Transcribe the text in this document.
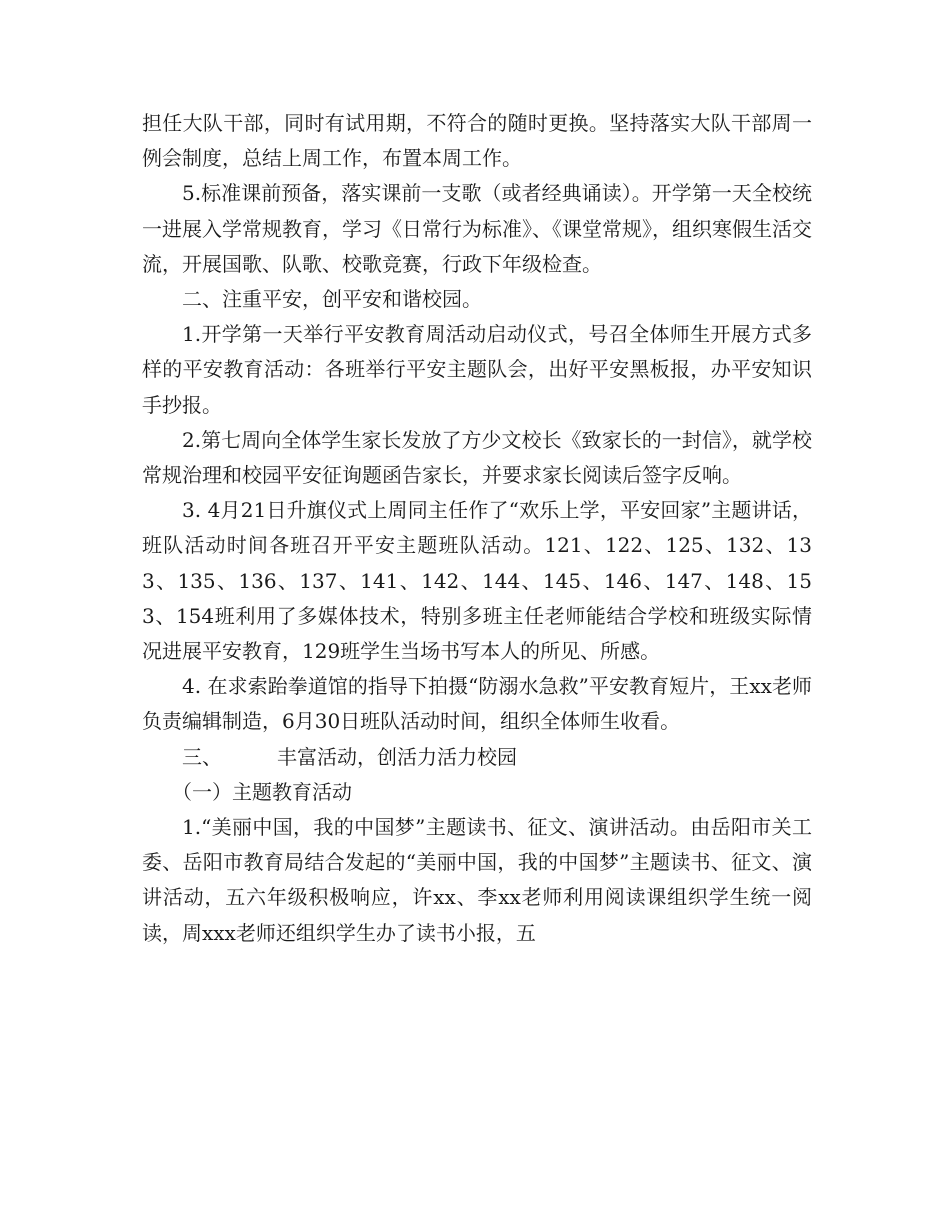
担任大队干部，同时有试用期，不符合的随时更换。坚持落实大队干部周一例会制度，总结上周工作，布置本周工作。

5.标准课前预备，落实课前一支歌（或者经典诵读）。开学第一天全校统一进展入学常规教育，学习《日常行为标准》、《课堂常规》，组织寒假生活交流，开展国歌、队歌、校歌竞赛，行政下年级检查。

二、注重平安，创平安和谐校园。

1.开学第一天举行平安教育周活动启动仪式，号召全体师生开展方式多样的平安教育活动：各班举行平安主题队会，出好平安黑板报，办平安知识手抄报。

2.第七周向全体学生家长发放了方少文校长《致家长的一封信》，就学校常规治理和校园平安征询题函告家长，并要求家长阅读后签字反响。

3. 4月21日升旗仪式上周同主任作了“欢乐上学，平安回家”主题讲话，班队活动时间各班召开平安主题班队活动。121、122、125、132、133、135、136、137、141、142、144、145、146、147、148、153、154班利用了多媒体技术，特别多班主任老师能结合学校和班级实际情况进展平安教育，129班学生当场书写本人的所见、所感。

4. 在求索跆拳道馆的指导下拍摄“防溺水急救”平安教育短片，王xx老师负责编辑制造，6月30日班队活动时间，组织全体师生收看。

三、	丰富活动，创活力活力校园

（一）主题教育活动

1.“美丽中国，我的中国梦”主题读书、征文、演讲活动。由岳阳市关工委、岳阳市教育局结合发起的“美丽中国，我的中国梦”主题读书、征文、演讲活动，五六年级积极响应，许xx、李xx老师利用阅读课组织学生统一阅读，周xxx老师还组织学生办了读书小报，五
